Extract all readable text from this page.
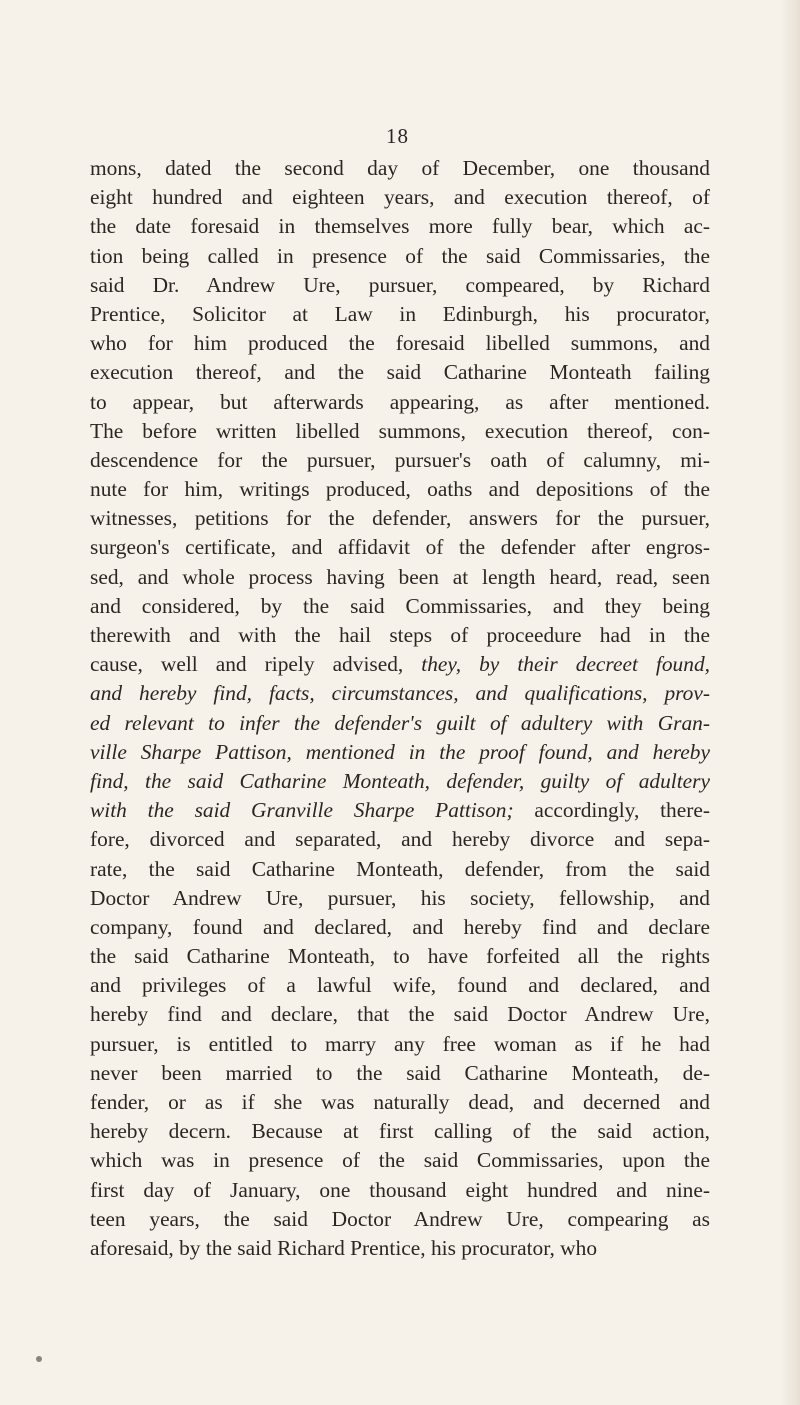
18
mons, dated the second day of December, one thousand
eight hundred and eighteen years, and execution thereof, of
the date foresaid in themselves more fully bear, which ac-
tion being called in presence of the said Commissaries, the
said Dr. Andrew Ure, pursuer, compeared, by Richard
Prentice, Solicitor at Law in Edinburgh, his procurator,
who for him produced the foresaid libelled summons, and
execution thereof, and the said Catharine Monteath failing
to appear, but afterwards appearing, as after mentioned.
The before written libelled summons, execution thereof, con-
descendence for the pursuer, pursuer's oath of calumny, mi-
nute for him, writings produced, oaths and depositions of the
witnesses, petitions for the defender, answers for the pursuer,
surgeon's certificate, and affidavit of the defender after engros-
sed, and whole process having been at length heard, read, seen
and considered, by the said Commissaries, and they being
therewith and with the hail steps of proceedure had in the
cause, well and ripely advised, they, by their decreet found,
and hereby find, facts, circumstances, and qualifications, prov-
ed relevant to infer the defender's guilt of adultery with Gran-
ville Sharpe Pattison, mentioned in the proof found, and hereby
find, the said Catharine Monteath, defender, guilty of adultery
with the said Granville Sharpe Pattison; accordingly, there-
fore, divorced and separated, and hereby divorce and sepa-
rate, the said Catharine Monteath, defender, from the said
Doctor Andrew Ure, pursuer, his society, fellowship, and
company, found and declared, and hereby find and declare
the said Catharine Monteath, to have forfeited all the rights
and privileges of a lawful wife, found and declared, and
hereby find and declare, that the said Doctor Andrew Ure,
pursuer, is entitled to marry any free woman as if he had
never been married to the said Catharine Monteath, de-
fender, or as if she was naturally dead, and decerned and
hereby decern. Because at first calling of the said action,
which was in presence of the said Commissaries, upon the
first day of January, one thousand eight hundred and nine-
teen years, the said Doctor Andrew Ure, compearing as
aforesaid, by the said Richard Prentice, his procurator, who
